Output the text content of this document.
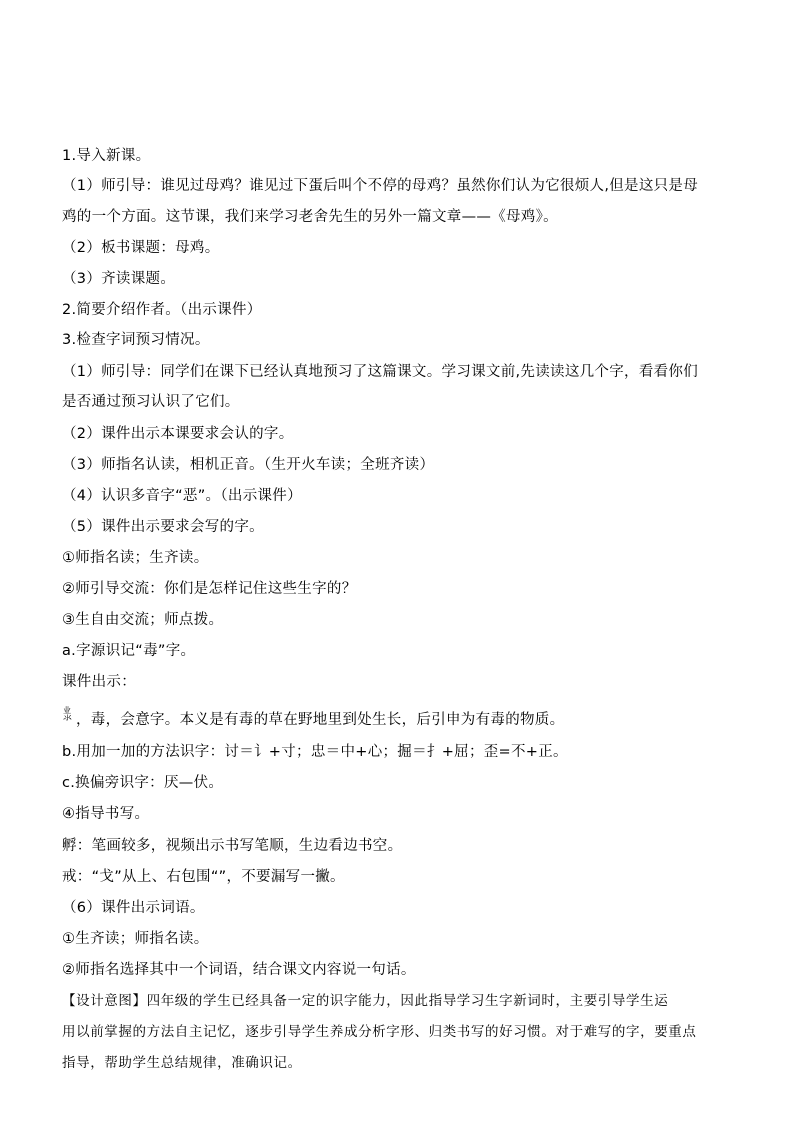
1.导入新课。
（1）师引导：谁见过母鸡？谁见过下蛋后叫个不停的母鸡？虽然你们认为它很烦人,但是这只是母
鸡的一个方面。这节课，我们来学习老舍先生的另外一篇文章——《母鸡》。
（2）板书课题：母鸡。
（3）齐读课题。
2.简要介绍作者。（出示课件）
3.检查字词预习情况。
（1）师引导：同学们在课下已经认真地预习了这篇课文。学习课文前,先读读这几个字，看看你们
是否通过预习认识了它们。
（2）课件出示本课要求会认的字。
（3）师指名认读，相机正音。（生开火车读；全班齐读）
（4）认识多音字“恶”。（出示课件）
（5）课件出示要求会写的字。
①师指名读；生齐读。
②师引导交流：你们是怎样记住这些生字的？
③生自由交流；师点拨。
a.字源识记“毒”字。
课件出示：
业
氺 ，毒，会意字。本义是有毒的草在野地里到处生长，后引申为有毒的物质。
b.用加一加的方法识字：讨＝讠+寸；忠＝中+心；掘＝扌+屈；歪=不+正。
c.换偏旁识字：厌—伏。
④指导书写。
孵：笔画较多，视频出示书写笔顺，生边看边书空。
戒：“戈”从上、右包围“”，不要漏写一撇。
（6）课件出示词语。
①生齐读；师指名读。
②师指名选择其中一个词语，结合课文内容说一句话。
【设计意图】四年级的学生已经具备一定的识字能力，因此指导学习生字新词时，主要引导学生运
用以前掌握的方法自主记忆，逐步引导学生养成分析字形、归类书写的好习惯。对于难写的字，要重点
指导，帮助学生总结规律，准确识记。
